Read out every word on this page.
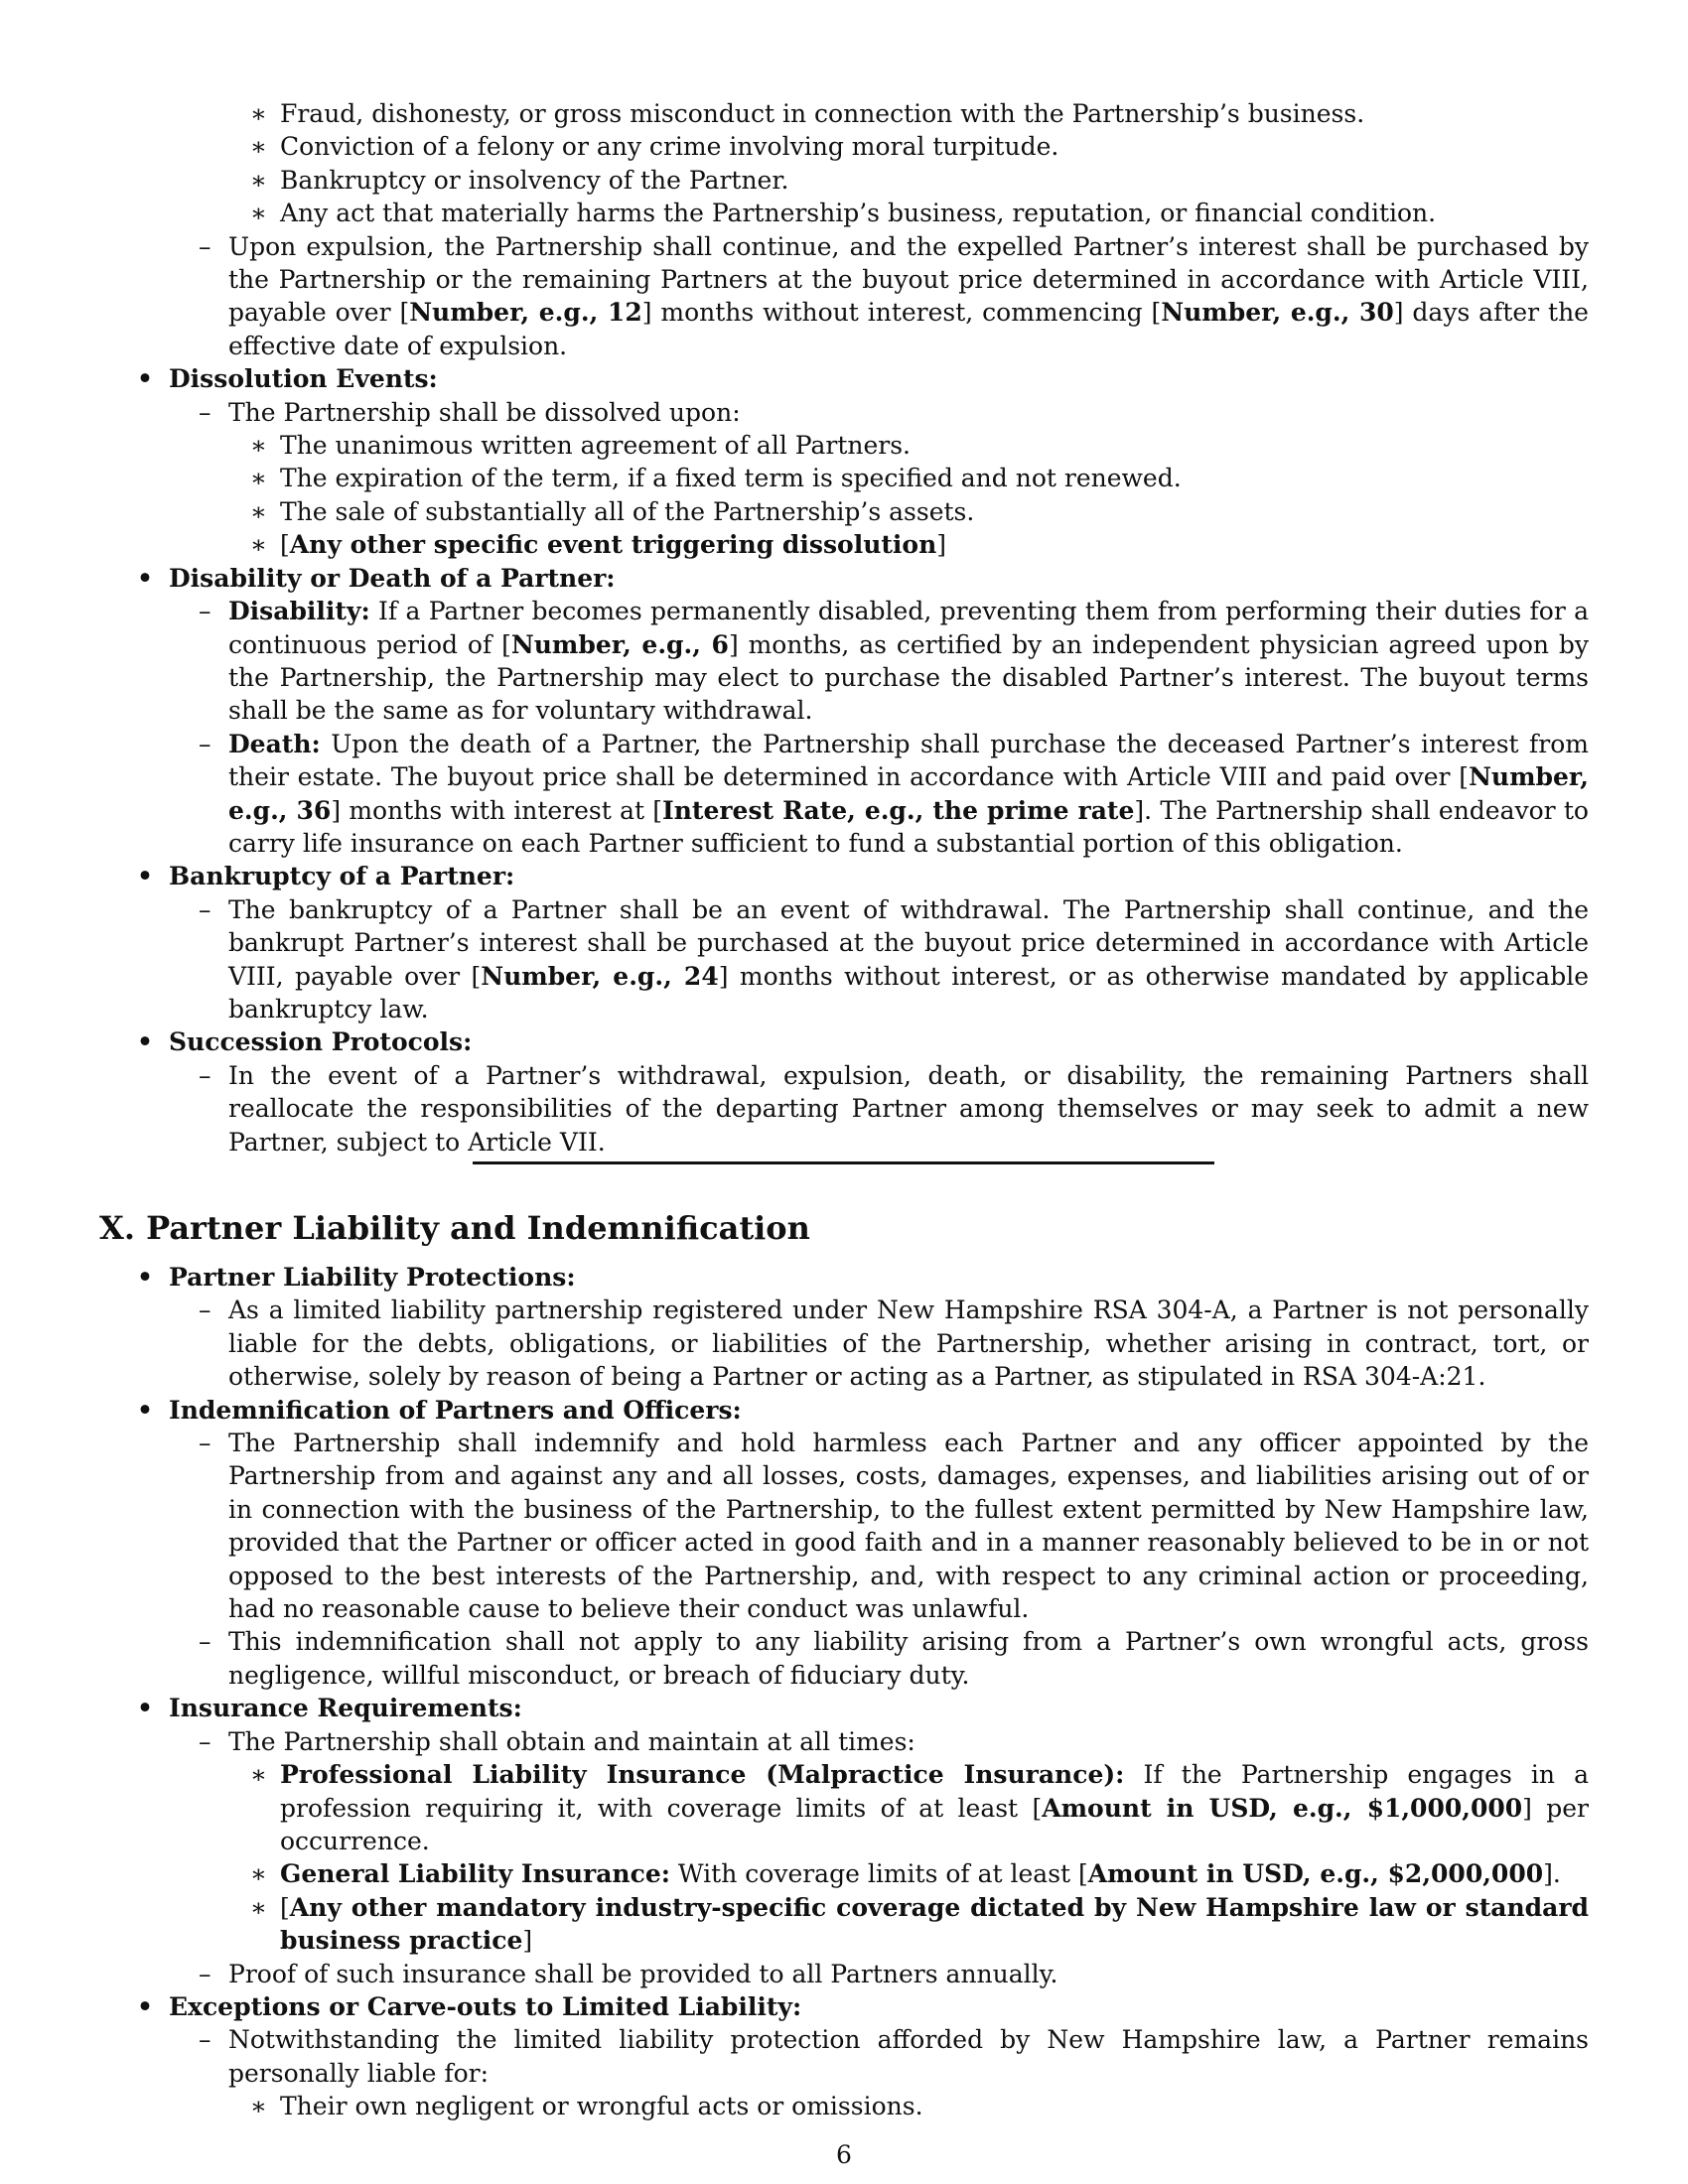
∗ Fraud, dishonesty, or gross misconduct in connection with the Partnership’s business.
∗ Conviction of a felony or any crime involving moral turpitude.
∗ Bankruptcy or insolvency of the Partner.
∗ Any act that materially harms the Partnership’s business, reputation, or financial condition.
– Upon expulsion, the Partnership shall continue, and the expelled Partner’s interest shall be purchased by the Partnership or the remaining Partners at the buyout price determined in accordance with Article VIII, payable over [Number, e.g., 12] months without interest, commencing [Number, e.g., 30] days after the effective date of expulsion.
• Dissolution Events:
– The Partnership shall be dissolved upon:
∗ The unanimous written agreement of all Partners.
∗ The expiration of the term, if a fixed term is specified and not renewed.
∗ The sale of substantially all of the Partnership’s assets.
∗ [Any other specific event triggering dissolution]
• Disability or Death of a Partner:
– Disability: If a Partner becomes permanently disabled, preventing them from performing their duties for a continuous period of [Number, e.g., 6] months, as certified by an independent physician agreed upon by the Partnership, the Partnership may elect to purchase the disabled Partner’s interest. The buyout terms shall be the same as for voluntary withdrawal.
– Death: Upon the death of a Partner, the Partnership shall purchase the deceased Partner’s interest from their estate. The buyout price shall be determined in accordance with Article VIII and paid over [Number, e.g., 36] months with interest at [Interest Rate, e.g., the prime rate]. The Partnership shall endeavor to carry life insurance on each Partner sufficient to fund a substantial portion of this obligation.
• Bankruptcy of a Partner:
– The bankruptcy of a Partner shall be an event of withdrawal. The Partnership shall continue, and the bankrupt Partner’s interest shall be purchased at the buyout price determined in accordance with Article VIII, payable over [Number, e.g., 24] months without interest, or as otherwise mandated by applicable bankruptcy law.
• Succession Protocols:
– In the event of a Partner’s withdrawal, expulsion, death, or disability, the remaining Partners shall reallocate the responsibilities of the departing Partner among themselves or may seek to admit a new Partner, subject to Article VII.
X. Partner Liability and Indemnification
• Partner Liability Protections:
– As a limited liability partnership registered under New Hampshire RSA 304-A, a Partner is not personally liable for the debts, obligations, or liabilities of the Partnership, whether arising in contract, tort, or otherwise, solely by reason of being a Partner or acting as a Partner, as stipulated in RSA 304-A:21.
• Indemnification of Partners and Officers:
– The Partnership shall indemnify and hold harmless each Partner and any officer appointed by the Partnership from and against any and all losses, costs, damages, expenses, and liabilities arising out of or in connection with the business of the Partnership, to the fullest extent permitted by New Hampshire law, provided that the Partner or officer acted in good faith and in a manner reasonably believed to be in or not opposed to the best interests of the Partnership, and, with respect to any criminal action or proceeding, had no reasonable cause to believe their conduct was unlawful.
– This indemnification shall not apply to any liability arising from a Partner’s own wrongful acts, gross negligence, willful misconduct, or breach of fiduciary duty.
• Insurance Requirements:
– The Partnership shall obtain and maintain at all times:
∗ Professional Liability Insurance (Malpractice Insurance): If the Partnership engages in a profession requiring it, with coverage limits of at least [Amount in USD, e.g., $1,000,000] per occurrence.
∗ General Liability Insurance: With coverage limits of at least [Amount in USD, e.g., $2,000,000].
∗ [Any other mandatory industry-specific coverage dictated by New Hampshire law or standard business practice]
– Proof of such insurance shall be provided to all Partners annually.
• Exceptions or Carve-outs to Limited Liability:
– Notwithstanding the limited liability protection afforded by New Hampshire law, a Partner remains personally liable for:
∗ Their own negligent or wrongful acts or omissions.
6
